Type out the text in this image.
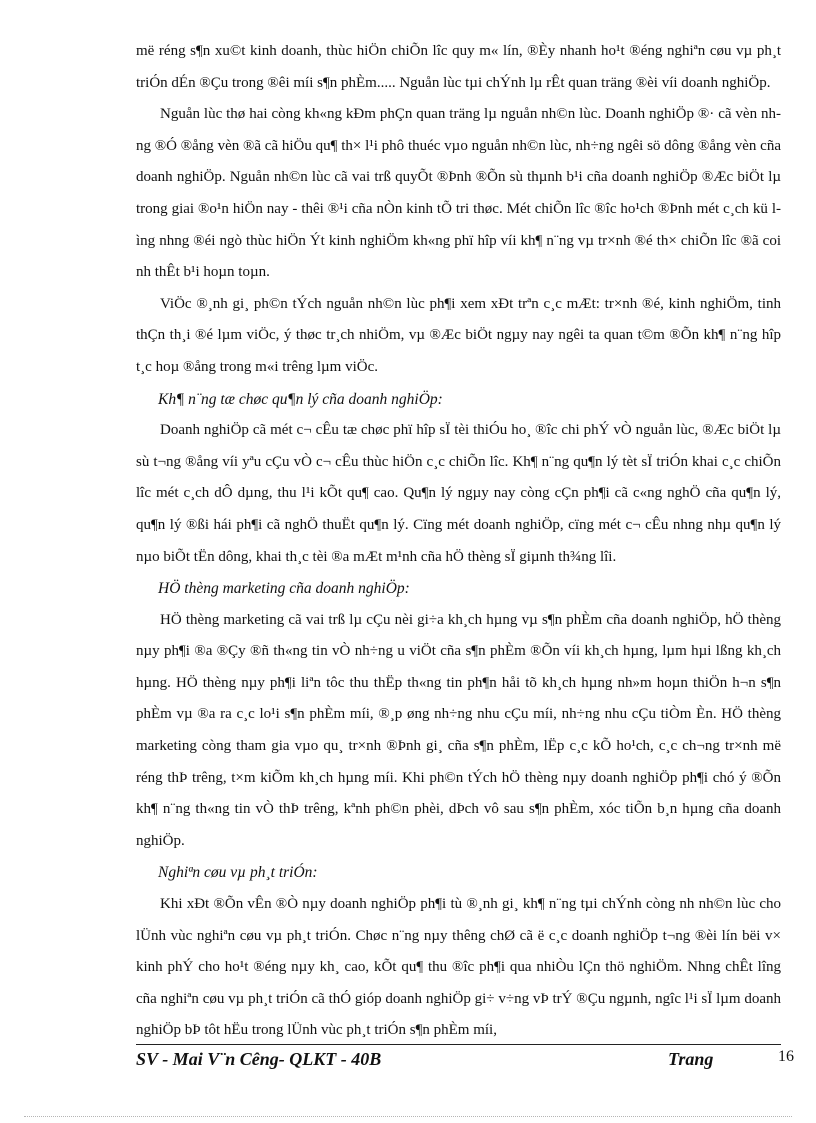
më réng s¶n xu©t kinh doanh, thùc hiÖn chiÕn lîc quy m« lín, ®Èy nhanh ho¹t ®éng nghiªn cøu vµ ph¸t triÓn dÉn ®Çu trong ®êi míi s¶n phÈm..... Nguån lùc tµi chÝnh lµ rÊt quan träng ®èi víi doanh nghiÖp.

Nguån lùc thø hai còng kh«ng kÐm phÇn quan träng lµ nguån nh©n lùc. Doanh nghiÖp ®· cã vèn nhng ®Ó ®ång vèn ®ã cã hiÖu qu¶ th× l¹i phô thuéc vµo nguån nh©n lùc, nh÷ng ngêi sö dông ®ång vèn cña doanh nghiÖp. Nguån nh©n lùc cã vai trß quyÕt ®Þnh ®Õn sù thµnh b¹i cña doanh nghiÖp ®Æc biÖt lµ trong giai ®o¹n hiÖn nay - thêi ®¹i cña nÒn kinh tÕ tri thøc. Mét chiÕn lîc ®îc ho¹ch ®Þnh mét c¸ch kü lìng nhng ®éi ngò thùc hiÖn Ýt kinh nghiÖm kh«ng phï hîp víi kh¶ n¨ng vµ tr×nh ®é th× chiÕn lîc ®ã coi nh thÊt b¹i hoµn toµn.

ViÖc ®¸nh gi¸ ph©n tÝch nguån nh©n lùc ph¶i xem xÐt trªn c¸c mÆt: tr×nh ®é, kinh nghiÖm, tinh thÇn th¸i ®é lµm viÖc, ý thøc tr¸ch nhiÖm, vµ ®Æc biÖt ngµy nay ngêi ta quan t©m ®Õn kh¶ n¨ng hîp t¸c hoµ ®ång trong m«i trêng lµm viÖc.

Kh¶ n¨ng tæ chøc qu¶n lý cña doanh nghiÖp:

Doanh nghiÖp cã mét c¬ cÊu tæ chøc phï hîp sÏ tèi thiÓu ho¸ ®îc chi phÝ vÒ nguån lùc, ®Æc biÖt lµ sù t¬ng ®ång víi yªu cÇu vÒ c¬ cÊu thùc hiÖn c¸c chiÕn lîc. Kh¶ n¨ng qu¶n lý tèt sÏ triÓn khai c¸c chiÕn lîc mét c¸ch dÔ dµng, thu l¹i kÕt qu¶ cao. Qu¶n lý ngµy nay còng cÇn ph¶i cã c«ng nghÖ cña qu¶n lý, qu¶n lý ®ßi hái ph¶i cã nghÖ thuËt qu¶n lý. Cïng mét doanh nghiÖp, cïng mét c¬ cÊu nhng nhµ qu¶n lý nµo biÕt tËn dông, khai th¸c tèi ®a mÆt m¹nh cña hÖ thèng sÏ giµnh th¾ng lîi.

HÖ thèng marketing cña doanh nghiÖp:

HÖ thèng marketing cã vai trß lµ cÇu nèi gi÷a kh¸ch hµng vµ s¶n phÈm cña doanh nghiÖp, hÖ thèng nµy ph¶i ®a ®Çy ®ñ th«ng tin vÒ nh÷ng u viÖt cña s¶n phÈm ®Õn víi kh¸ch hµng, lµm hµi lßng kh¸ch hµng. HÖ thèng nµy ph¶i liªn tôc thu thËp th«ng tin ph¶n håi tõ kh¸ch hµng nh»m hoµn thiÖn h¬n s¶n phÈm vµ ®a ra c¸c lo¹i s¶n phÈm míi, ®¸p øng nh÷ng nhu cÇu míi, nh÷ng nhu cÇu tiÒm Èn. HÖ thèng marketing còng tham gia vµo qu¸ tr×nh ®Þnh gi¸ cña s¶n phÈm, lËp c¸c kÕ ho¹ch, c¸c ch¬ng tr×nh më réng thÞ trêng, t×m kiÕm kh¸ch hµng míi. Khi ph©n tÝch hÖ thèng nµy doanh nghiÖp ph¶i chó ý ®Õn kh¶ n¨ng th«ng tin vÒ thÞ trêng, kªnh ph©n phèi, dÞch vô sau s¶n phÈm, xóc tiÕn b¸n hµng cña doanh nghiÖp.

Nghiªn cøu vµ ph¸t triÓn:

Khi xÐt ®Õn vÊn ®Ò nµy doanh nghiÖp ph¶i tù ®¸nh gi¸ kh¶ n¨ng tµi chÝnh còng nh nh©n lùc cho lÜnh vùc nghiªn cøu vµ ph¸t triÓn. Chøc n¨ng nµy thêng chØ cã ë c¸c doanh nghiÖp t¬ng ®èi lín bëi v× kinh phÝ cho ho¹t ®éng nµy kh¸ cao, kÕt qu¶ thu ®îc ph¶i qua nhiÒu lÇn thö nghiÖm. Nhng chÊt lîng cña nghiªn cøu vµ ph¸t triÓn cã thÓ gióp doanh nghiÖp gi÷ v÷ng vÞ trÝ ®Çu ngµnh, ngîc l¹i sÏ lµm doanh nghiÖp bÞ tôt hËu trong lÜnh vùc ph¸t triÓn s¶n phÈm míi,

SV - Mai V¨n Cêng- QLKT - 40B	Trang	16
